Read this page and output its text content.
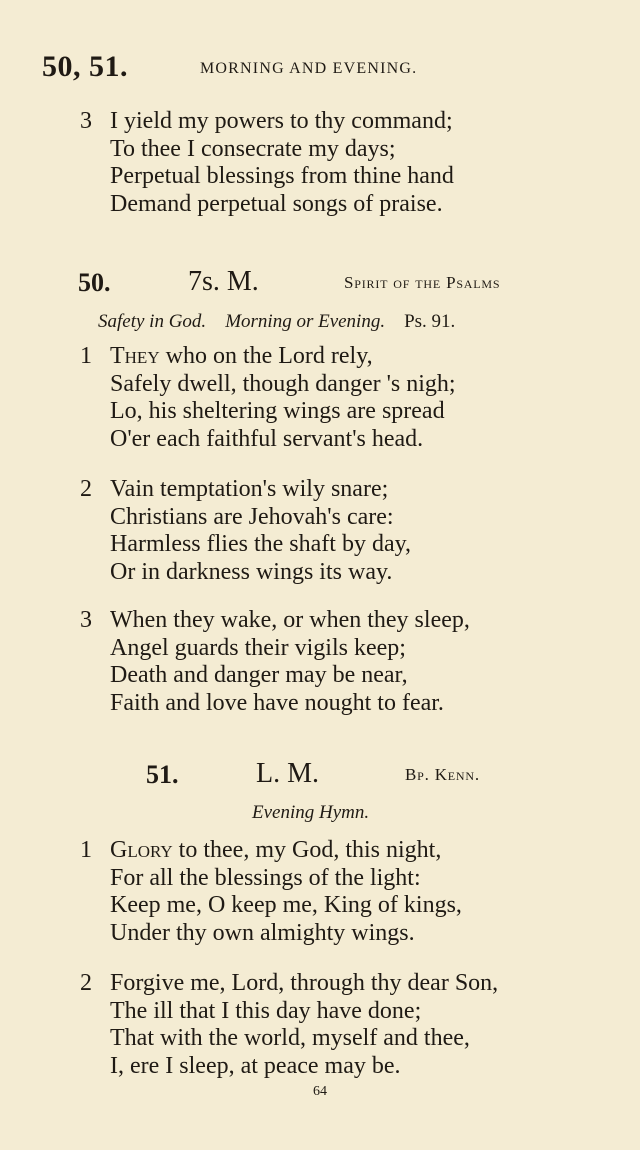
50, 51.	MORNING AND EVENING.
3 I yield my powers to thy command;
To thee I consecrate my days;
Perpetual blessings from thine hand
Demand perpetual songs of praise.
50.	7s. M.	Spirit of the Psalms
Safety in God. Morning or Evening. Ps. 91.
1 They who on the Lord rely,
Safely dwell, though danger 's nigh;
Lo, his sheltering wings are spread
O'er each faithful servant's head.
2 Vain temptation's wily snare;
Christians are Jehovah's care:
Harmless flies the shaft by day,
Or in darkness wings its way.
3 When they wake, or when they sleep,
Angel guards their vigils keep;
Death and danger may be near,
Faith and love have nought to fear.
51.	L. M.	Bp. Kenn.
Evening Hymn.
1 Glory to thee, my God, this night,
For all the blessings of the light:
Keep me, O keep me, King of kings,
Under thy own almighty wings.
2 Forgive me, Lord, through thy dear Son,
The ill that I this day have done;
That with the world, myself and thee,
I, ere I sleep, at peace may be.
64
